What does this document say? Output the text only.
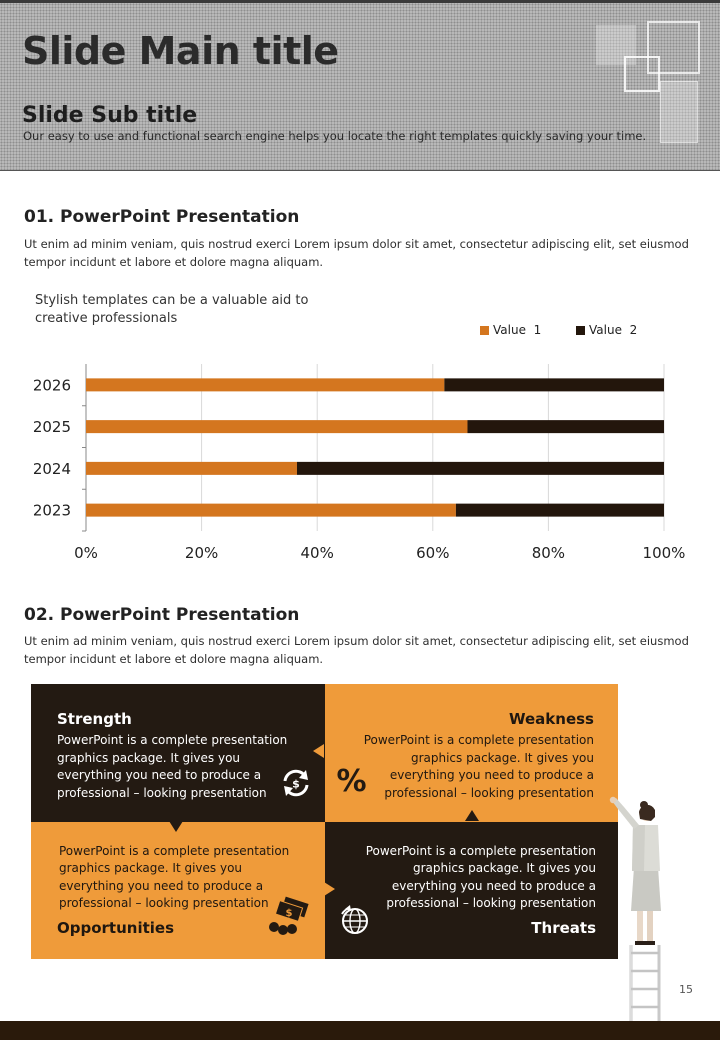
Slide Main title
Slide Sub title
Our easy to use and functional search engine helps you locate the right templates quickly saving your time.
01. PowerPoint Presentation
Ut enim ad minim veniam, quis nostrud exerci Lorem ipsum dolor sit amet, consectetur adipiscing elit, set eiusmod tempor incidunt et labore et dolore magna aliquam.
Stylish templates can be a valuable aid to creative professionals
Value  1	Value  2
0%	20%	40%	60%	80%	100%
2023
2024
2025
2026
02. PowerPoint Presentation
Ut enim ad minim veniam, quis nostrud exerci Lorem ipsum dolor sit amet, consectetur adipiscing elit, set eiusmod tempor incidunt et labore et dolore magna aliquam.
Strength

PowerPoint is a complete presentation graphics package. It gives you everything you need to produce a professional – looking presentation

$
Weakness

PowerPoint is a complete presentation graphics package. It gives you everything you need to produce a professional – looking presentation

%

PowerPoint is a complete presentation graphics package. It gives you everything you need to produce a professional – looking presentation

Opportunities
$

PowerPoint is a complete presentation graphics package. It gives you everything you need to produce a professional – looking presentation

Threats
15
